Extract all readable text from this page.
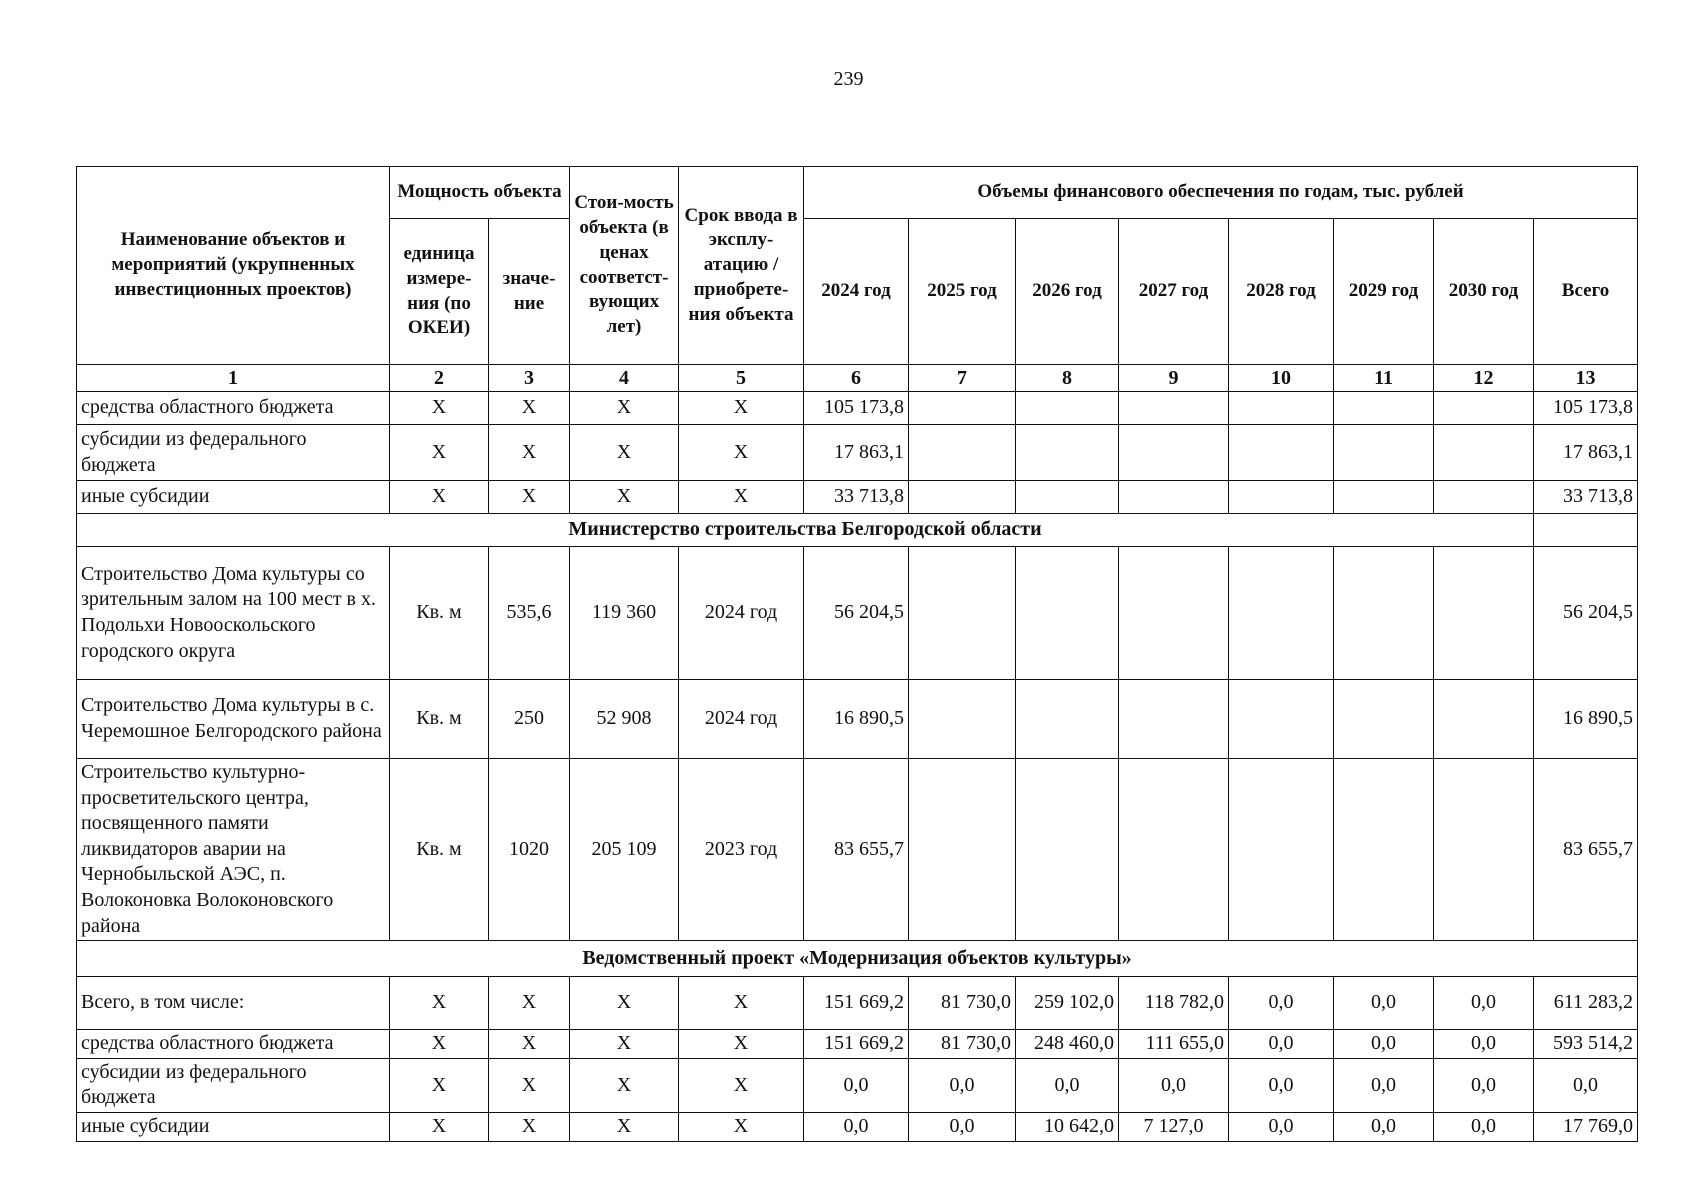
239
Наименование объектов и мероприятий (укрупненных инвестиционных проектов)	Мощность объекта		Стои-мость объекта (в ценах соответст-вующих лет)	Срок ввода в эксплу-атацию / приобрете-ния объекта	Объемы финансового обеспечения по годам, тыс. рублей							
	единица измере-ния (по ОКЕИ)	значе-ние			2024 год	2025 год	2026 год	2027 год	2028 год	2029 год	2030 год	Всего
1	2	3	4	5	6	7	8	9	10	11	12	13
средства областного бюджета	Х	Х	Х	Х	105 173,8							105 173,8
субсидии из федерального бюджета	Х	Х	Х	Х	17 863,1							17 863,1
иные субсидии	Х	Х	Х	Х	33 713,8							33 713,8
Министерство строительства Белгородской области												
Строительство Дома культуры со зрительным залом на 100 мест в х. Подольхи Новооскольского городского округа	Кв. м	535,6	119 360	2024 год	56 204,5							56 204,5
Строительство Дома культуры в с. Черемошное Белгородского района	Кв. м	250	52 908	2024 год	16 890,5							16 890,5
Строительство культурно-просветительского центра, посвященного памяти ликвидаторов аварии на Чернобыльской АЭС, п. Волоконовка Волоконовского района	Кв. м	1020	205 109	2023 год	83 655,7							83 655,7
Ведомственный проект «Модернизация объектов культуры»												
Всего, в том числе:	Х	Х	Х	Х	151 669,2	81 730,0	259 102,0	118 782,0	0,0	0,0	0,0	611 283,2
средства областного бюджета	Х	Х	Х	Х	151 669,2	81 730,0	248 460,0	111 655,0	0,0	0,0	0,0	593 514,2
субсидии из федерального бюджета	Х	Х	Х	Х	0,0	0,0	0,0	0,0	0,0	0,0	0,0	0,0
иные субсидии	Х	Х	Х	Х	0,0	0,0	10 642,0	7 127,0	0,0	0,0	0,0	17 769,0
